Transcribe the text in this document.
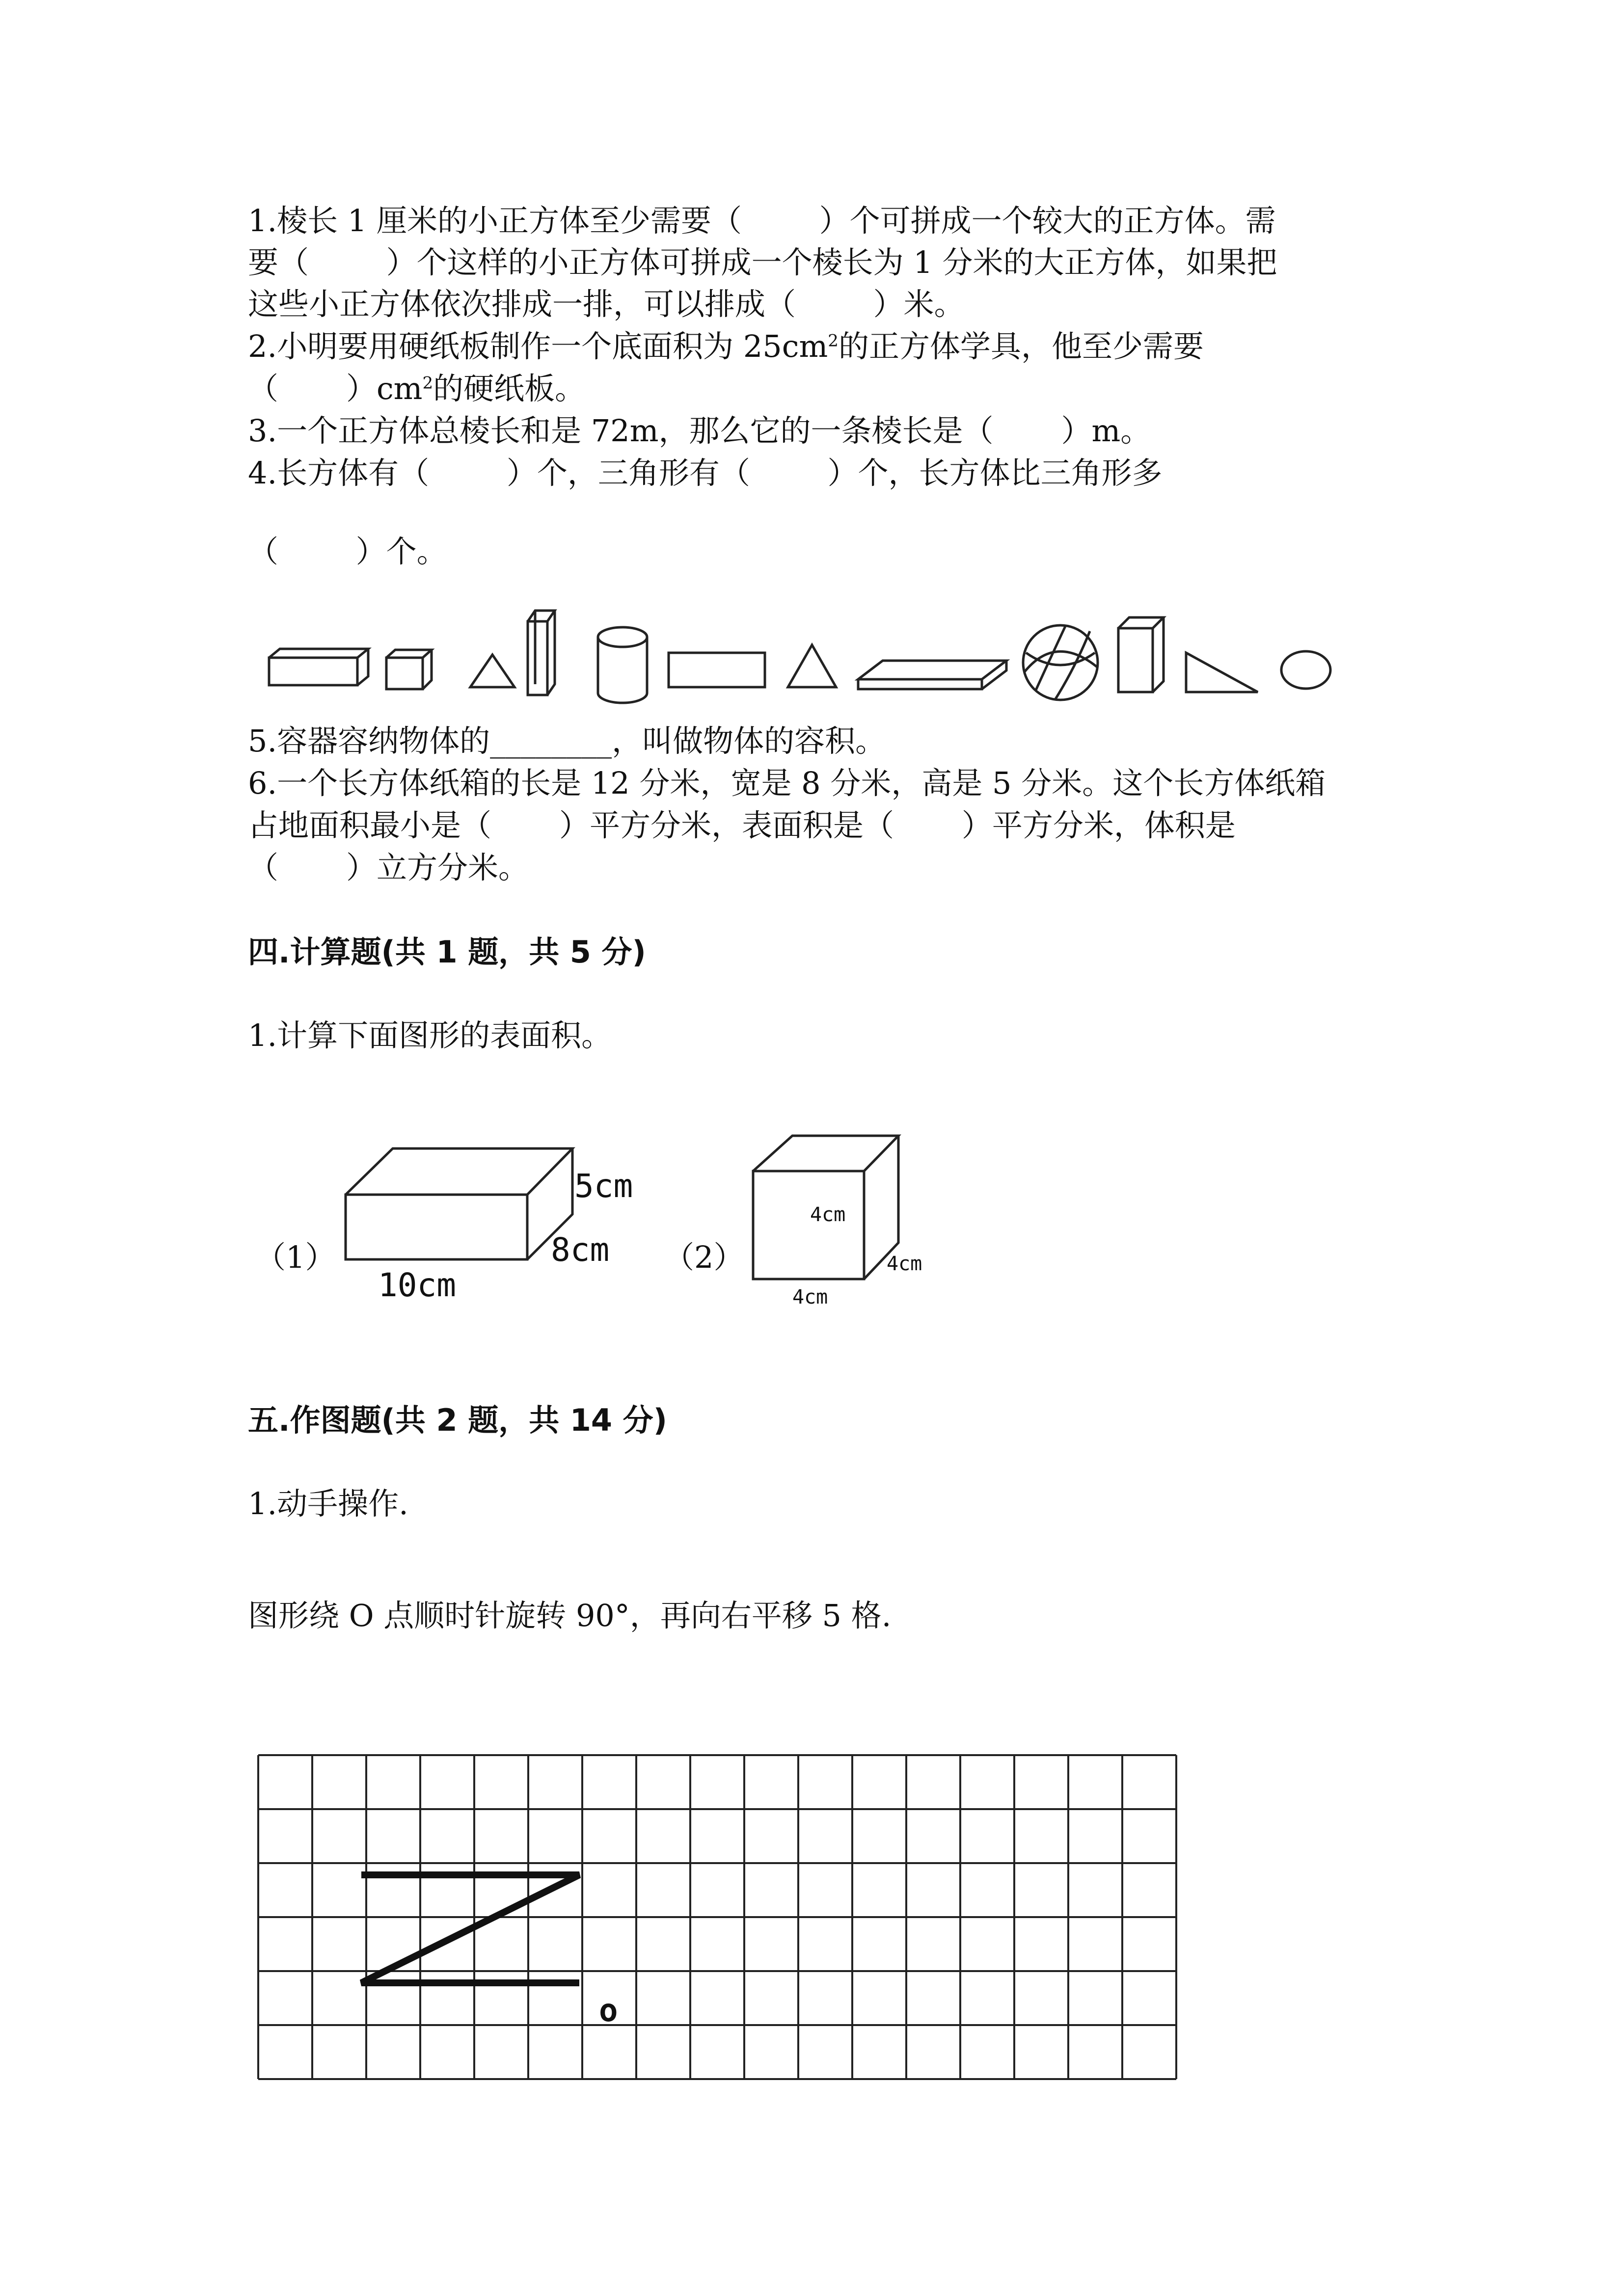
1.棱长 1 厘米的小正方体至少需要（        ）个可拼成一个较大的正方体。需
要（        ）个这样的小正方体可拼成一个棱长为 1 分米的大正方体，如果把
这些小正方体依次排成一排，可以排成（        ）米。
2.小明要用硬纸板制作一个底面积为 $25cm^2$的正方体学具，他至少需要
（       ）$cm^2$的硬纸板。
3.一个正方体总棱长和是 72m，那么它的一条棱长是（       ）m。
4.长方体有（        ）个，三角形有（        ）个，长方体比三角形多
（        ）个。
5.容器容纳物体的________，叫做物体的容积。
6.一个长方体纸箱的长是 12 分米，宽是 8 分米，高是 5 分米。这个长方体纸箱
占地面积最小是（       ）平方分米，表面积是（       ）平方分米，体积是
（       ）立方分米。
四.计算题(共 1 题，共 5 分)
1.计算下面图形的表面积。
（1）
5cm
8cm
10cm
（2）
4cm
4cm
4cm
五.作图题(共 2 题，共 14 分)
1.动手操作.
图形绕 O 点顺时针旋转 90°，再向右平移 5 格.
o
